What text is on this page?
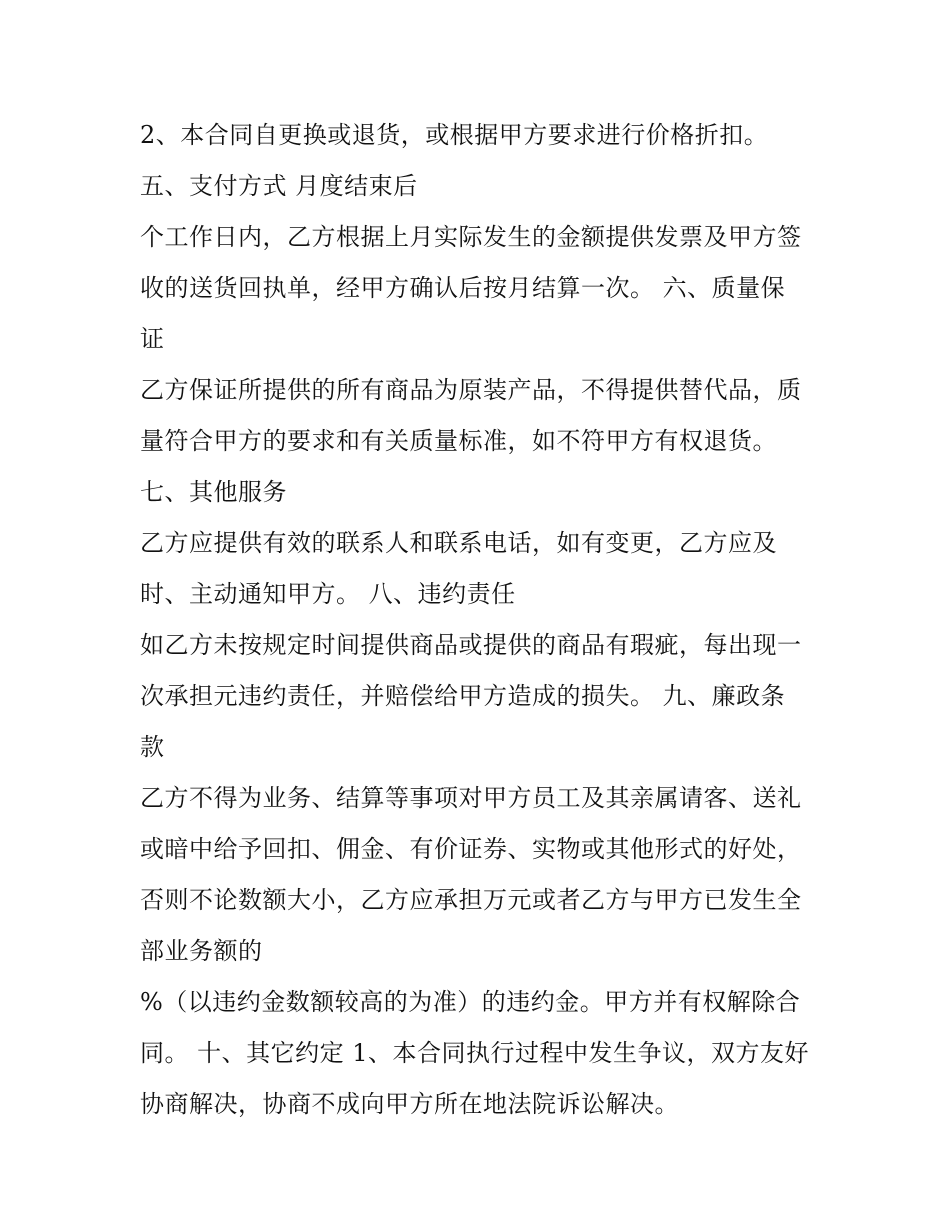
2、本合同自更换或退货，或根据甲方要求进行价格折扣。
五、支付方式 月度结束后
个工作日内，乙方根据上月实际发生的金额提供发票及甲方签
收的送货回执单，经甲方确认后按月结算一次。 六、质量保
证
乙方保证所提供的所有商品为原装产品，不得提供替代品，质
量符合甲方的要求和有关质量标准，如不符甲方有权退货。
七、其他服务
乙方应提供有效的联系人和联系电话，如有变更，乙方应及
时、主动通知甲方。 八、违约责任
如乙方未按规定时间提供商品或提供的商品有瑕疵，每出现一
次承担元违约责任，并赔偿给甲方造成的损失。 九、廉政条
款
乙方不得为业务、结算等事项对甲方员工及其亲属请客、送礼
或暗中给予回扣、佣金、有价证券、实物或其他形式的好处，
否则不论数额大小，乙方应承担万元或者乙方与甲方已发生全
部业务额的
%（以违约金数额较高的为准）的违约金。甲方并有权解除合
同。 十、其它约定 1、本合同执行过程中发生争议，双方友好
协商解决，协商不成向甲方所在地法院诉讼解决。
